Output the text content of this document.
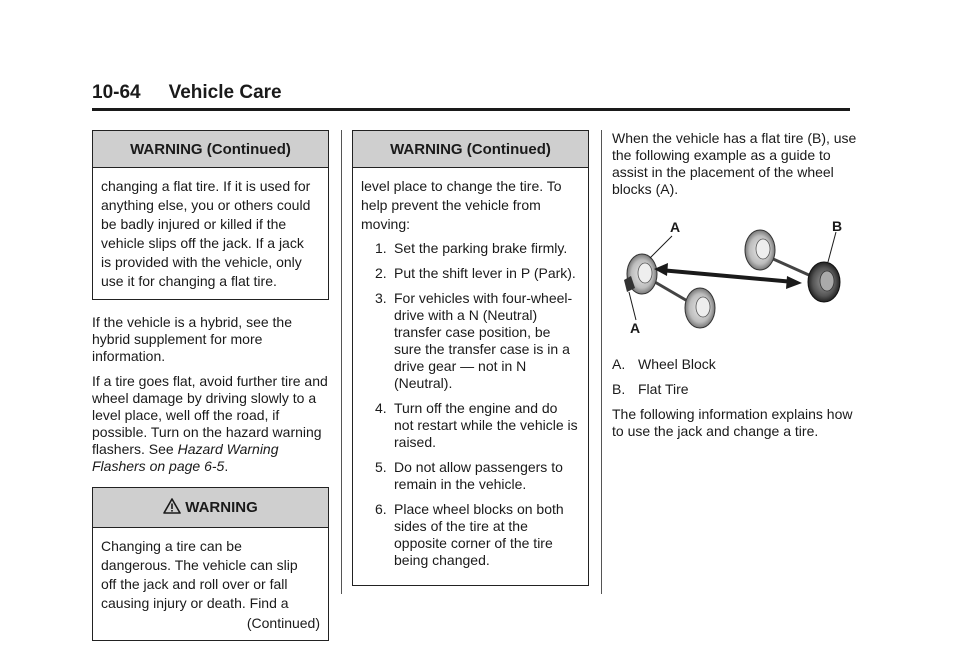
10-64 Vehicle Care
WARNING (Continued)
changing a flat tire. If it is used for
anything else, you or others could
be badly injured or killed if the
vehicle slips off the jack. If a jack
is provided with the vehicle, only
use it for changing a flat tire.

If the vehicle is a hybrid, see the hybrid supplement for more information.

If a tire goes flat, avoid further tire and wheel damage by driving slowly to a level place, well off the road, if possible. Turn on the hazard warning flashers. See Hazard Warning Flashers on page 6-5.

WARNING
Changing a tire can be
dangerous. The vehicle can slip
off the jack and roll over or fall
causing injury or death. Find a
(Continued)
WARNING (Continued)

level place to change the tire. To help prevent the vehicle from moving:

1. Set the parking brake firmly.
2. Put the shift lever in P (Park).
3. For vehicles with four-wheel-drive with a N (Neutral) transfer case position, be sure the transfer case is in a drive gear — not in N (Neutral).
4. Turn off the engine and do not restart while the vehicle is raised.
5. Do not allow passengers to remain in the vehicle.
6. Place wheel blocks on both sides of the tire at the opposite corner of the tire being changed.

When the vehicle has a flat tire (B), use the following example as a guide to assist in the placement of the wheel blocks (A).

A
A
B

A. Wheel Block

B. Flat Tire

The following information explains how to use the jack and change a tire.
